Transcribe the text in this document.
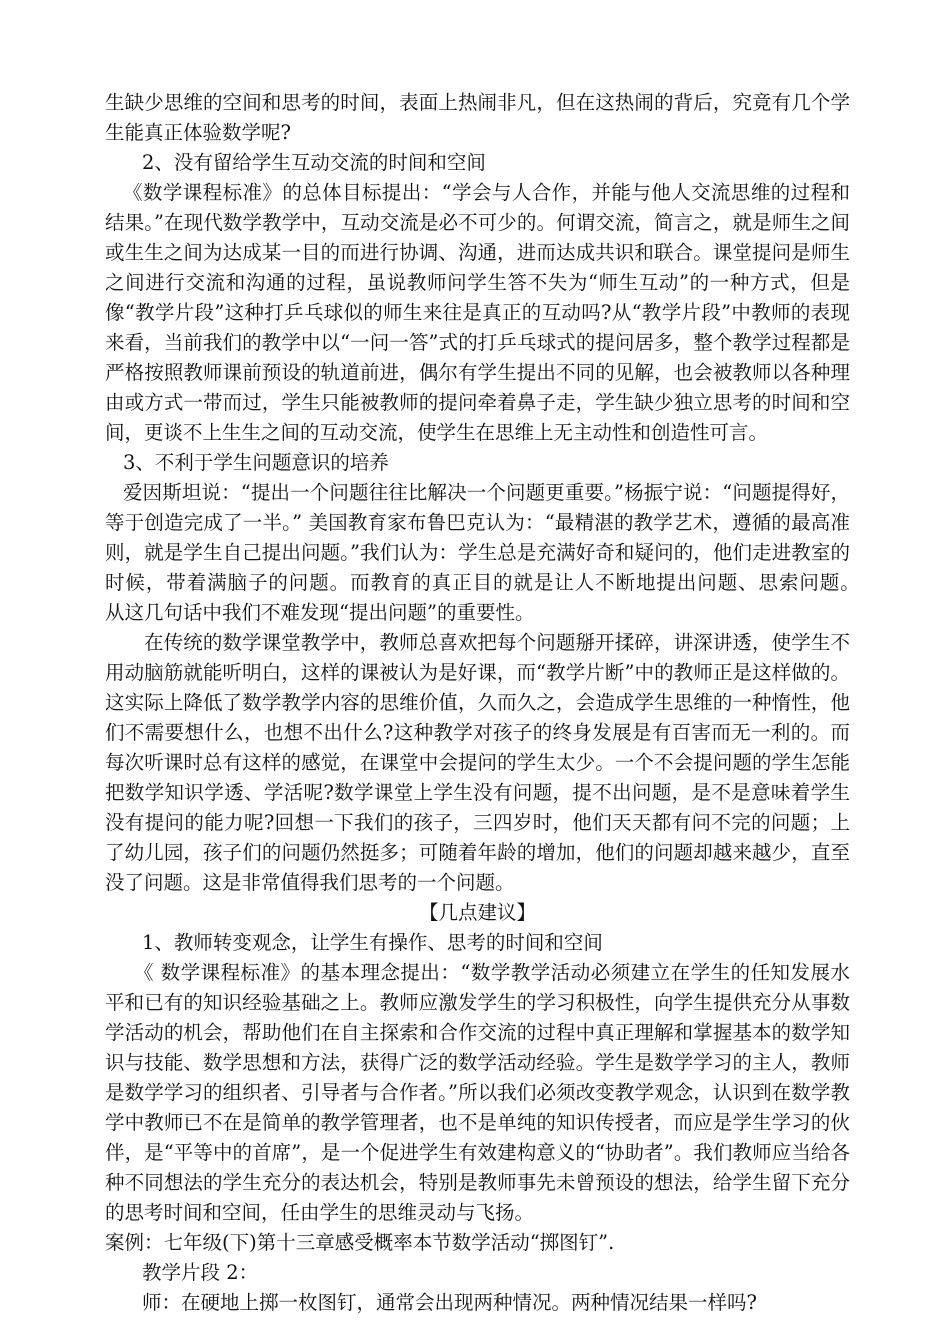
生缺少思维的空间和思考的时间，表面上热闹非凡，但在这热闹的背后，究竟有几个学生能真正体验数学呢?

2、没有留给学生互动交流的时间和空间

《数学课程标准》的总体目标提出：“学会与人合作，并能与他人交流思维的过程和结果。”在现代数学教学中，互动交流是必不可少的。何谓交流，简言之，就是师生之间或生生之间为达成某一目的而进行协调、沟通，进而达成共识和联合。课堂提问是师生之间进行交流和沟通的过程，虽说教师问学生答不失为“师生互动”的一种方式，但是像“教学片段”这种打乒乓球似的师生来往是真正的互动吗?从“教学片段”中教师的表现来看，当前我们的教学中以“一问一答”式的打乒乓球式的提问居多，整个教学过程都是严格按照教师课前预设的轨道前进，偶尔有学生提出不同的见解，也会被教师以各种理由或方式一带而过，学生只能被教师的提问牵着鼻子走，学生缺少独立思考的时间和空间，更谈不上生生之间的互动交流，使学生在思维上无主动性和创造性可言。

3、不利于学生问题意识的培养

爱因斯坦说：“提出一个问题往往比解决一个问题更重要。”杨振宁说：“问题提得好，等于创造完成了一半。” 美国教育家布鲁巴克认为：“最精湛的教学艺术，遵循的最高准则，就是学生自己提出问题。”我们认为：学生总是充满好奇和疑问的，他们走进教室的时候，带着满脑子的问题。而教育的真正目的就是让人不断地提出问题、思索问题。　 从这几句话中我们不难发现“提出问题”的重要性。

在传统的数学课堂教学中，教师总喜欢把每个问题掰开揉碎，讲深讲透，使学生不用动脑筋就能听明白，这样的课被认为是好课，而“教学片断”中的教师正是这样做的。这实际上降低了数学教学内容的思维价值，久而久之，会造成学生思维的一种惰性，他们不需要想什么，也想不出什么?这种教学对孩子的终身发展是有百害而无一利的。而每次听课时总有这样的感觉，在课堂中会提问的学生太少。一个不会提问题的学生怎能把数学知识学透、学活呢?数学课堂上学生没有问题，提不出问题，是不是意味着学生没有提问的能力呢?回想一下我们的孩子，三四岁时，他们天天都有问不完的问题；上了幼儿园，孩子们的问题仍然挺多；可随着年龄的增加，他们的问题却越来越少，直至没了问题。这是非常值得我们思考的一个问题。

【几点建议】

1、教师转变观念，让学生有操作、思考的时间和空间

《 数学课程标准》的基本理念提出：“数学教学活动必须建立在学生的任知发展水平和已有的知识经验基础之上。教师应激发学生的学习积极性，向学生提供充分从事数学活动的机会，帮助他们在自主探索和合作交流的过程中真正理解和掌握基本的数学知识与技能、数学思想和方法，获得广泛的数学活动经验。学生是数学学习的主人，教师是数学学习的组织者、引导者与合作者。”所以我们必须改变教学观念，认识到在数学教学中教师已不在是简单的教学管理者，也不是单纯的知识传授者，而应是学生学习的伙伴，是“平等中的首席”，是一个促进学生有效建构意义的“协助者”。我们教师应当给各种不同想法的学生充分的表达机会，特别是教师事先未曾预设的想法，给学生留下充分的思考时间和空间，任由学生的思维灵动与飞扬。

案例：七年级(下)第十三章感受概率本节数学活动“掷图钉”.

教学片段 2：

师：在硬地上掷一枚图钉，通常会出现两种情况。两种情况结果一样吗?
